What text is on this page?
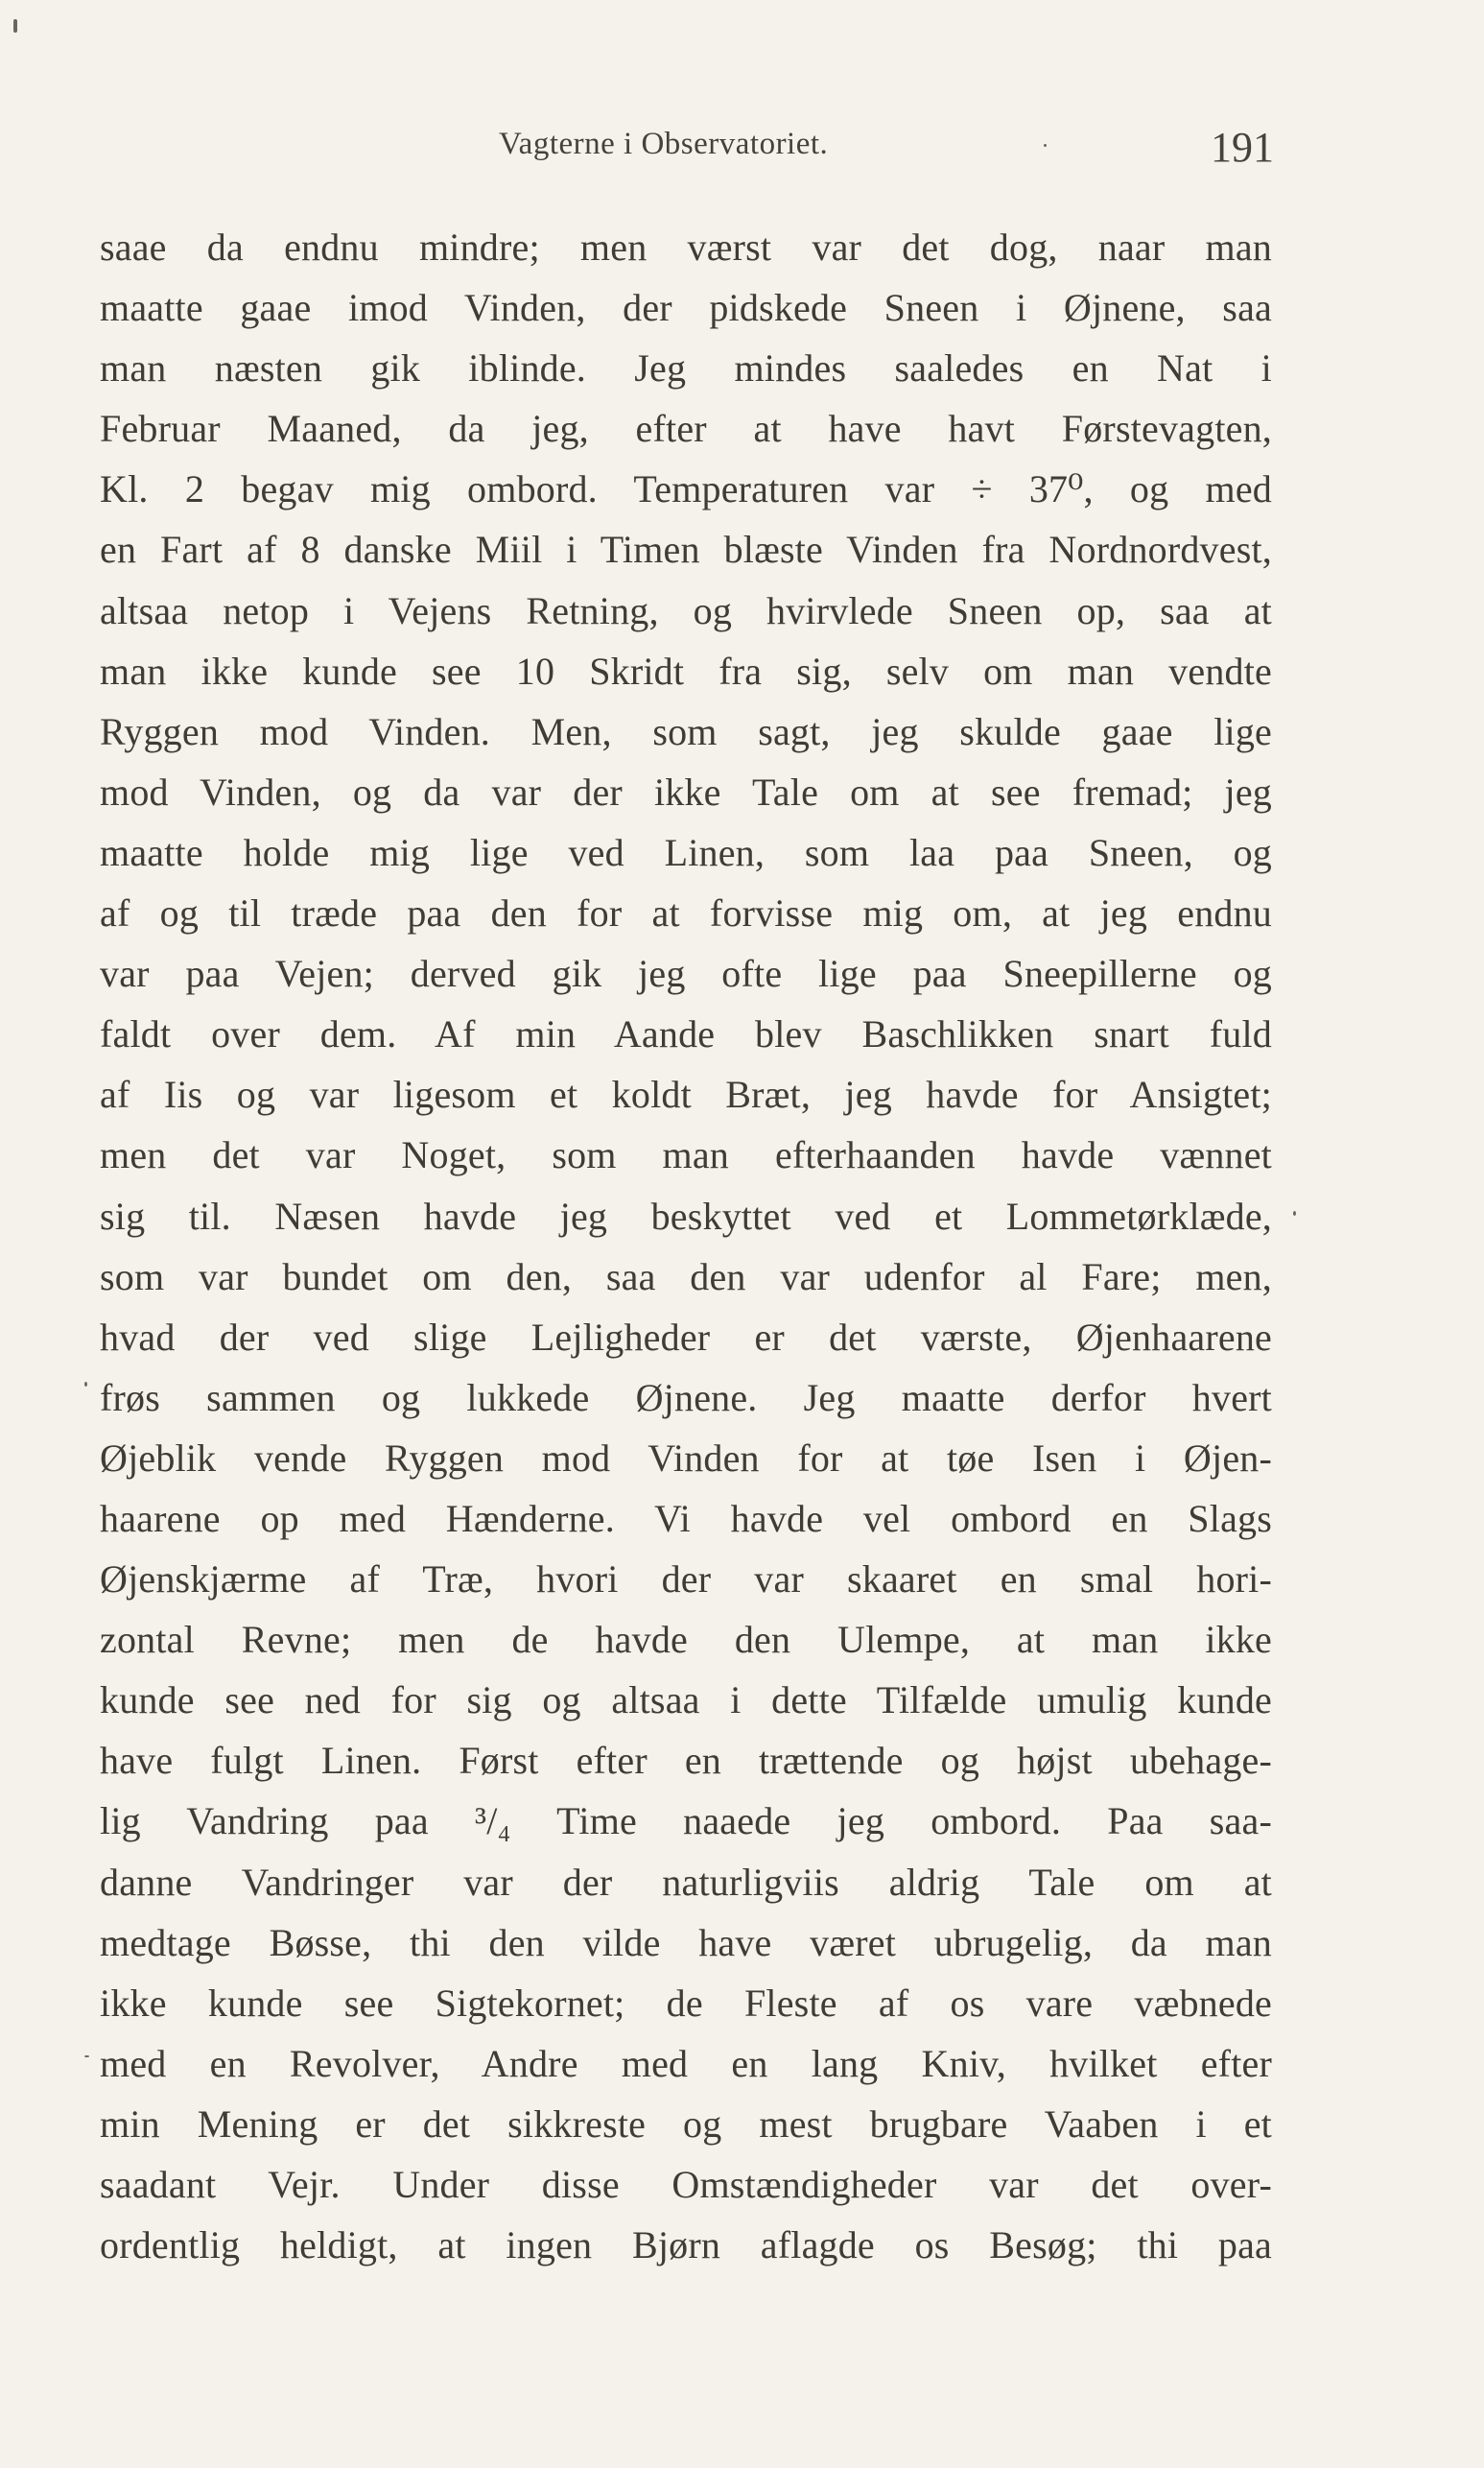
Vagterne i Observatoriet.	191
saae da endnu mindre; men værst var det dog, naar man
maatte gaae imod Vinden, der pidskede Sneen i Øjnene, saa
man næsten gik iblinde. Jeg mindes saaledes en Nat i
Februar Maaned, da jeg, efter at have havt Førstevagten,
Kl. 2 begav mig ombord. Temperaturen var ÷ 37⁰, og med
en Fart af 8 danske Miil i Timen blæste Vinden fra Nordnordvest,
altsaa netop i Vejens Retning, og hvirvlede Sneen op, saa at
man ikke kunde see 10 Skridt fra sig, selv om man vendte
Ryggen mod Vinden. Men, som sagt, jeg skulde gaae lige
mod Vinden, og da var der ikke Tale om at see fremad; jeg
maatte holde mig lige ved Linen, som laa paa Sneen, og
af og til træde paa den for at forvisse mig om, at jeg endnu
var paa Vejen; derved gik jeg ofte lige paa Sneepillerne og
faldt over dem. Af min Aande blev Baschlikken snart fuld
af Iis og var ligesom et koldt Bræt, jeg havde for Ansigtet;
men det var Noget, som man efterhaanden havde vænnet
sig til. Næsen havde jeg beskyttet ved et Lommetørklæde,
som var bundet om den, saa den var udenfor al Fare; men,
hvad der ved slige Lejligheder er det værste, Øjenhaarene
frøs sammen og lukkede Øjnene. Jeg maatte derfor hvert
Øjeblik vende Ryggen mod Vinden for at tøe Isen i Øjen-
haarene op med Hænderne. Vi havde vel ombord en Slags
Øjenskjærme af Træ, hvori der var skaaret en smal hori-
zontal Revne; men de havde den Ulempe, at man ikke
kunde see ned for sig og altsaa i dette Tilfælde umulig kunde
have fulgt Linen. Først efter en trættende og højst ubehage-
lig Vandring paa ³/₄ Time naaede jeg ombord. Paa saa-
danne Vandringer var der naturligviis aldrig Tale om at
medtage Bøsse, thi den vilde have været ubrugelig, da man
ikke kunde see Sigtekornet; de Fleste af os vare væbnede
med en Revolver, Andre med en lang Kniv, hvilket efter
min Mening er det sikkreste og mest brugbare Vaaben i et
saadant Vejr. Under disse Omstændigheder var det over-
ordentlig heldigt, at ingen Bjørn aflagde os Besøg; thi paa
